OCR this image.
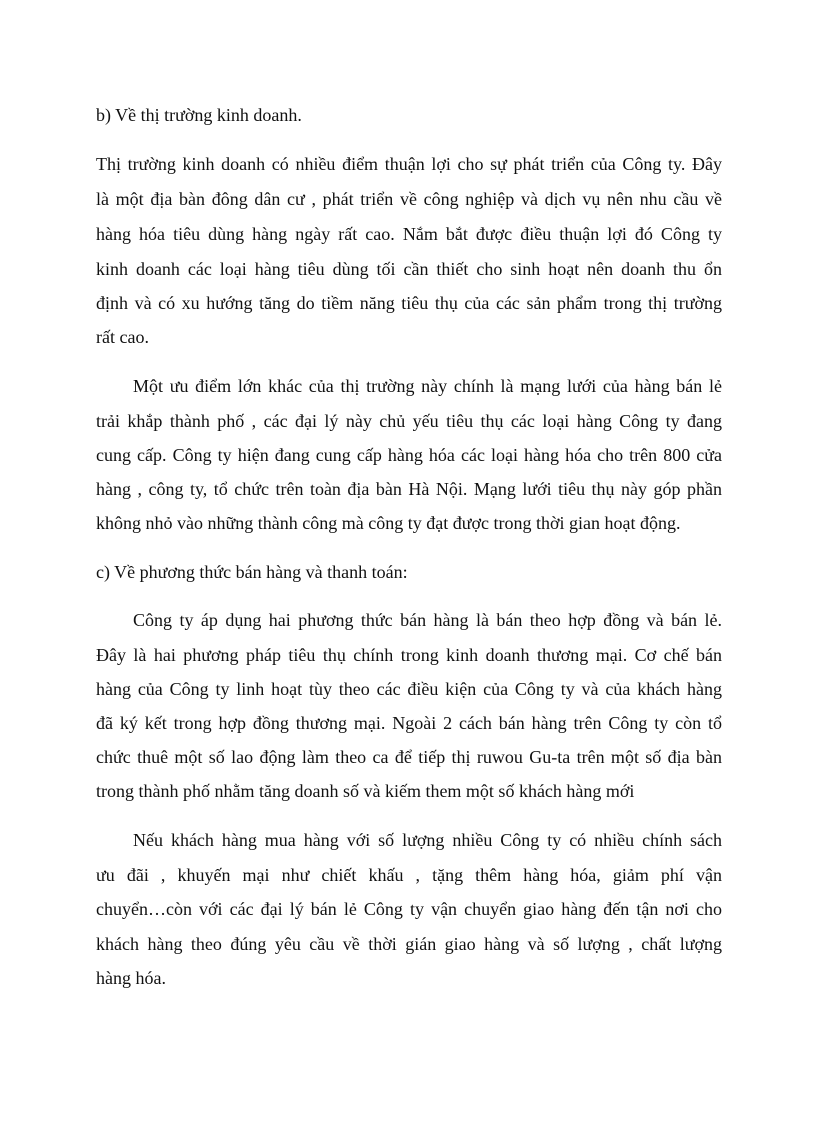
b) Về thị trường kinh doanh.

Thị trường kinh doanh có nhiều điểm thuận lợi cho sự phát triển của Công ty. Đây

là một địa bàn đông dân cư , phát triển về công nghiệp và dịch vụ nên nhu cầu về

hàng hóa tiêu dùng hàng ngày rất cao. Nắm bắt được điều thuận lợi đó Công ty

kinh doanh các loại hàng tiêu dùng tối cần thiết cho sinh hoạt nên doanh thu ổn

định và có xu hướng tăng do tiềm năng tiêu thụ của các sản phẩm trong thị trường

rất cao.

Một ưu điểm lớn khác của thị trường này chính là mạng lưới của hàng bán lẻ

trải khắp thành phố , các đại lý này chủ yếu tiêu thụ các loại hàng Công ty đang

cung cấp. Công ty hiện đang cung cấp hàng hóa các loại hàng hóa cho trên 800 cửa

hàng , công ty, tổ chức trên toàn địa bàn Hà Nội. Mạng lưới tiêu thụ này góp phần

không nhỏ vào những thành công mà công ty đạt được trong thời gian hoạt động.

c) Về phương thức bán hàng và thanh toán:

Công ty áp dụng hai phương thức bán hàng là bán theo hợp đồng và bán lẻ.

Đây là hai phương pháp tiêu thụ chính trong kinh doanh thương mại. Cơ chế bán

hàng của Công ty linh hoạt tùy theo các điều kiện của Công ty và của khách hàng

đã ký kết trong hợp đồng thương mại. Ngoài 2 cách bán hàng trên Công ty còn tổ

chức thuê một số lao động làm theo ca để tiếp thị ruwou Gu-ta trên một số địa bàn

trong thành phố nhằm tăng doanh số và kiếm them một số khách hàng mới

Nếu khách hàng mua hàng với số lượng nhiều Công ty có nhiều chính sách

ưu đãi , khuyến mại như chiết khấu , tặng thêm hàng hóa, giảm phí vận

chuyển…còn với các đại lý bán lẻ Công ty vận chuyển giao hàng đến tận nơi cho

khách hàng theo đúng yêu cầu về thời gián giao hàng và số lượng , chất lượng

hàng hóa.
